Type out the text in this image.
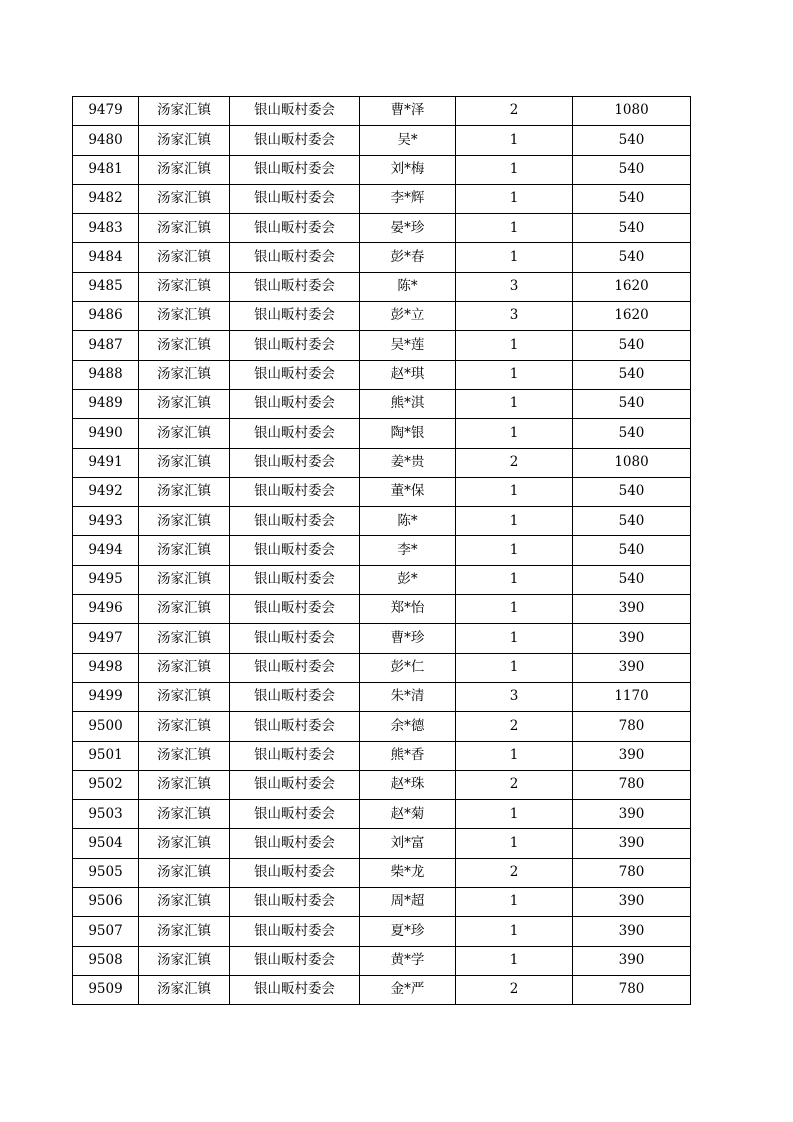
9479	汤家汇镇	银山畈村委会	曹*泽	2	1080
9480	汤家汇镇	银山畈村委会	吴*	1	540
9481	汤家汇镇	银山畈村委会	刘*梅	1	540
9482	汤家汇镇	银山畈村委会	李*辉	1	540
9483	汤家汇镇	银山畈村委会	晏*珍	1	540
9484	汤家汇镇	银山畈村委会	彭*春	1	540
9485	汤家汇镇	银山畈村委会	陈*	3	1620
9486	汤家汇镇	银山畈村委会	彭*立	3	1620
9487	汤家汇镇	银山畈村委会	吴*莲	1	540
9488	汤家汇镇	银山畈村委会	赵*琪	1	540
9489	汤家汇镇	银山畈村委会	熊*淇	1	540
9490	汤家汇镇	银山畈村委会	陶*银	1	540
9491	汤家汇镇	银山畈村委会	姜*贵	2	1080
9492	汤家汇镇	银山畈村委会	董*保	1	540
9493	汤家汇镇	银山畈村委会	陈*	1	540
9494	汤家汇镇	银山畈村委会	李*	1	540
9495	汤家汇镇	银山畈村委会	彭*	1	540
9496	汤家汇镇	银山畈村委会	郑*怡	1	390
9497	汤家汇镇	银山畈村委会	曹*珍	1	390
9498	汤家汇镇	银山畈村委会	彭*仁	1	390
9499	汤家汇镇	银山畈村委会	朱*清	3	1170
9500	汤家汇镇	银山畈村委会	余*德	2	780
9501	汤家汇镇	银山畈村委会	熊*香	1	390
9502	汤家汇镇	银山畈村委会	赵*珠	2	780
9503	汤家汇镇	银山畈村委会	赵*菊	1	390
9504	汤家汇镇	银山畈村委会	刘*富	1	390
9505	汤家汇镇	银山畈村委会	柴*龙	2	780
9506	汤家汇镇	银山畈村委会	周*超	1	390
9507	汤家汇镇	银山畈村委会	夏*珍	1	390
9508	汤家汇镇	银山畈村委会	黄*学	1	390
9509	汤家汇镇	银山畈村委会	金*严	2	780
